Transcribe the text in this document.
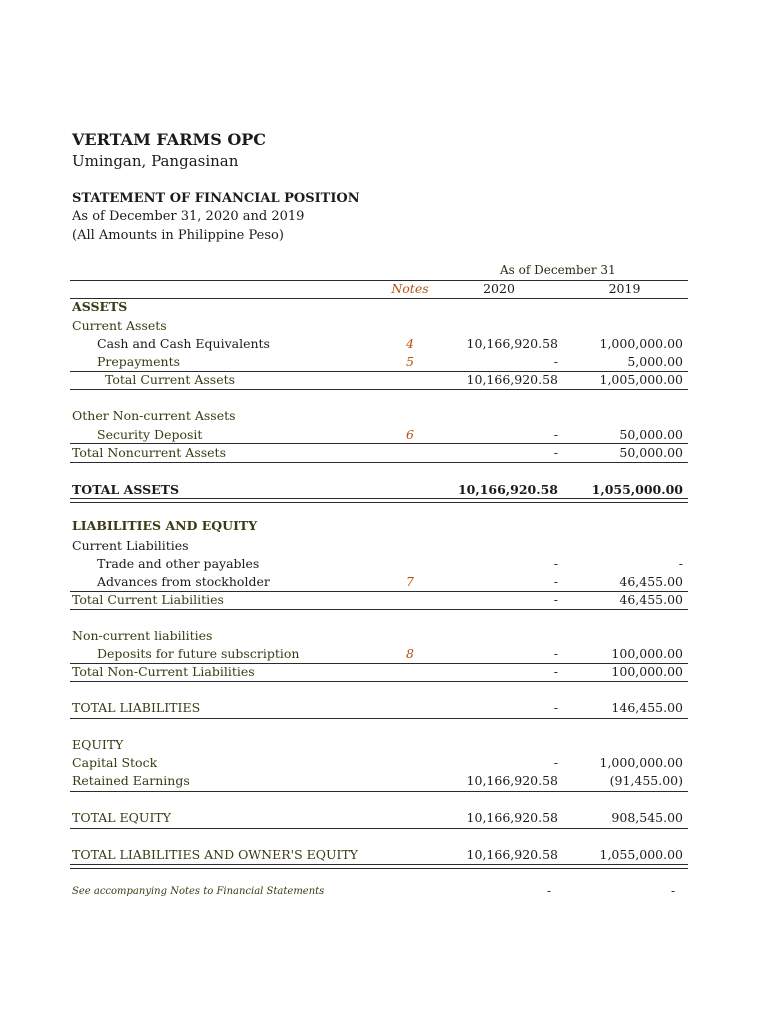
VERTAM FARMS OPC
Umingan, Pangasinan
STATEMENT OF FINANCIAL POSITION
As of December 31, 2020 and 2019
(All Amounts in Philippine Peso)
As of December 31
Notes	2020	2019
ASSETS
Current Assets
Cash and Cash Equivalents	4	10,166,920.58	1,000,000.00
Prepayments	5	-	5,000.00
Total Current Assets	10,166,920.58	1,005,000.00
Other Non-current Assets
Security Deposit	6	-	50,000.00
Total Noncurrent Assets	-	50,000.00
TOTAL ASSETS	10,166,920.58	1,055,000.00
LIABILITIES AND EQUITY
Current Liabilities
Trade and other payables	-	-
Advances from stockholder	7	-	46,455.00
Total Current Liabilities	-	46,455.00
Non-current liabilities
Deposits for future subscription	8	-	100,000.00
Total Non-Current Liabilities	-	100,000.00
TOTAL LIABILITIES	-	146,455.00
EQUITY
Capital Stock	-	1,000,000.00
Retained Earnings	10,166,920.58	(91,455.00)
TOTAL EQUITY	10,166,920.58	908,545.00
TOTAL LIABILITIES AND OWNER'S EQUITY	10,166,920.58	1,055,000.00
See accompanying Notes to Financial Statements	-	-
